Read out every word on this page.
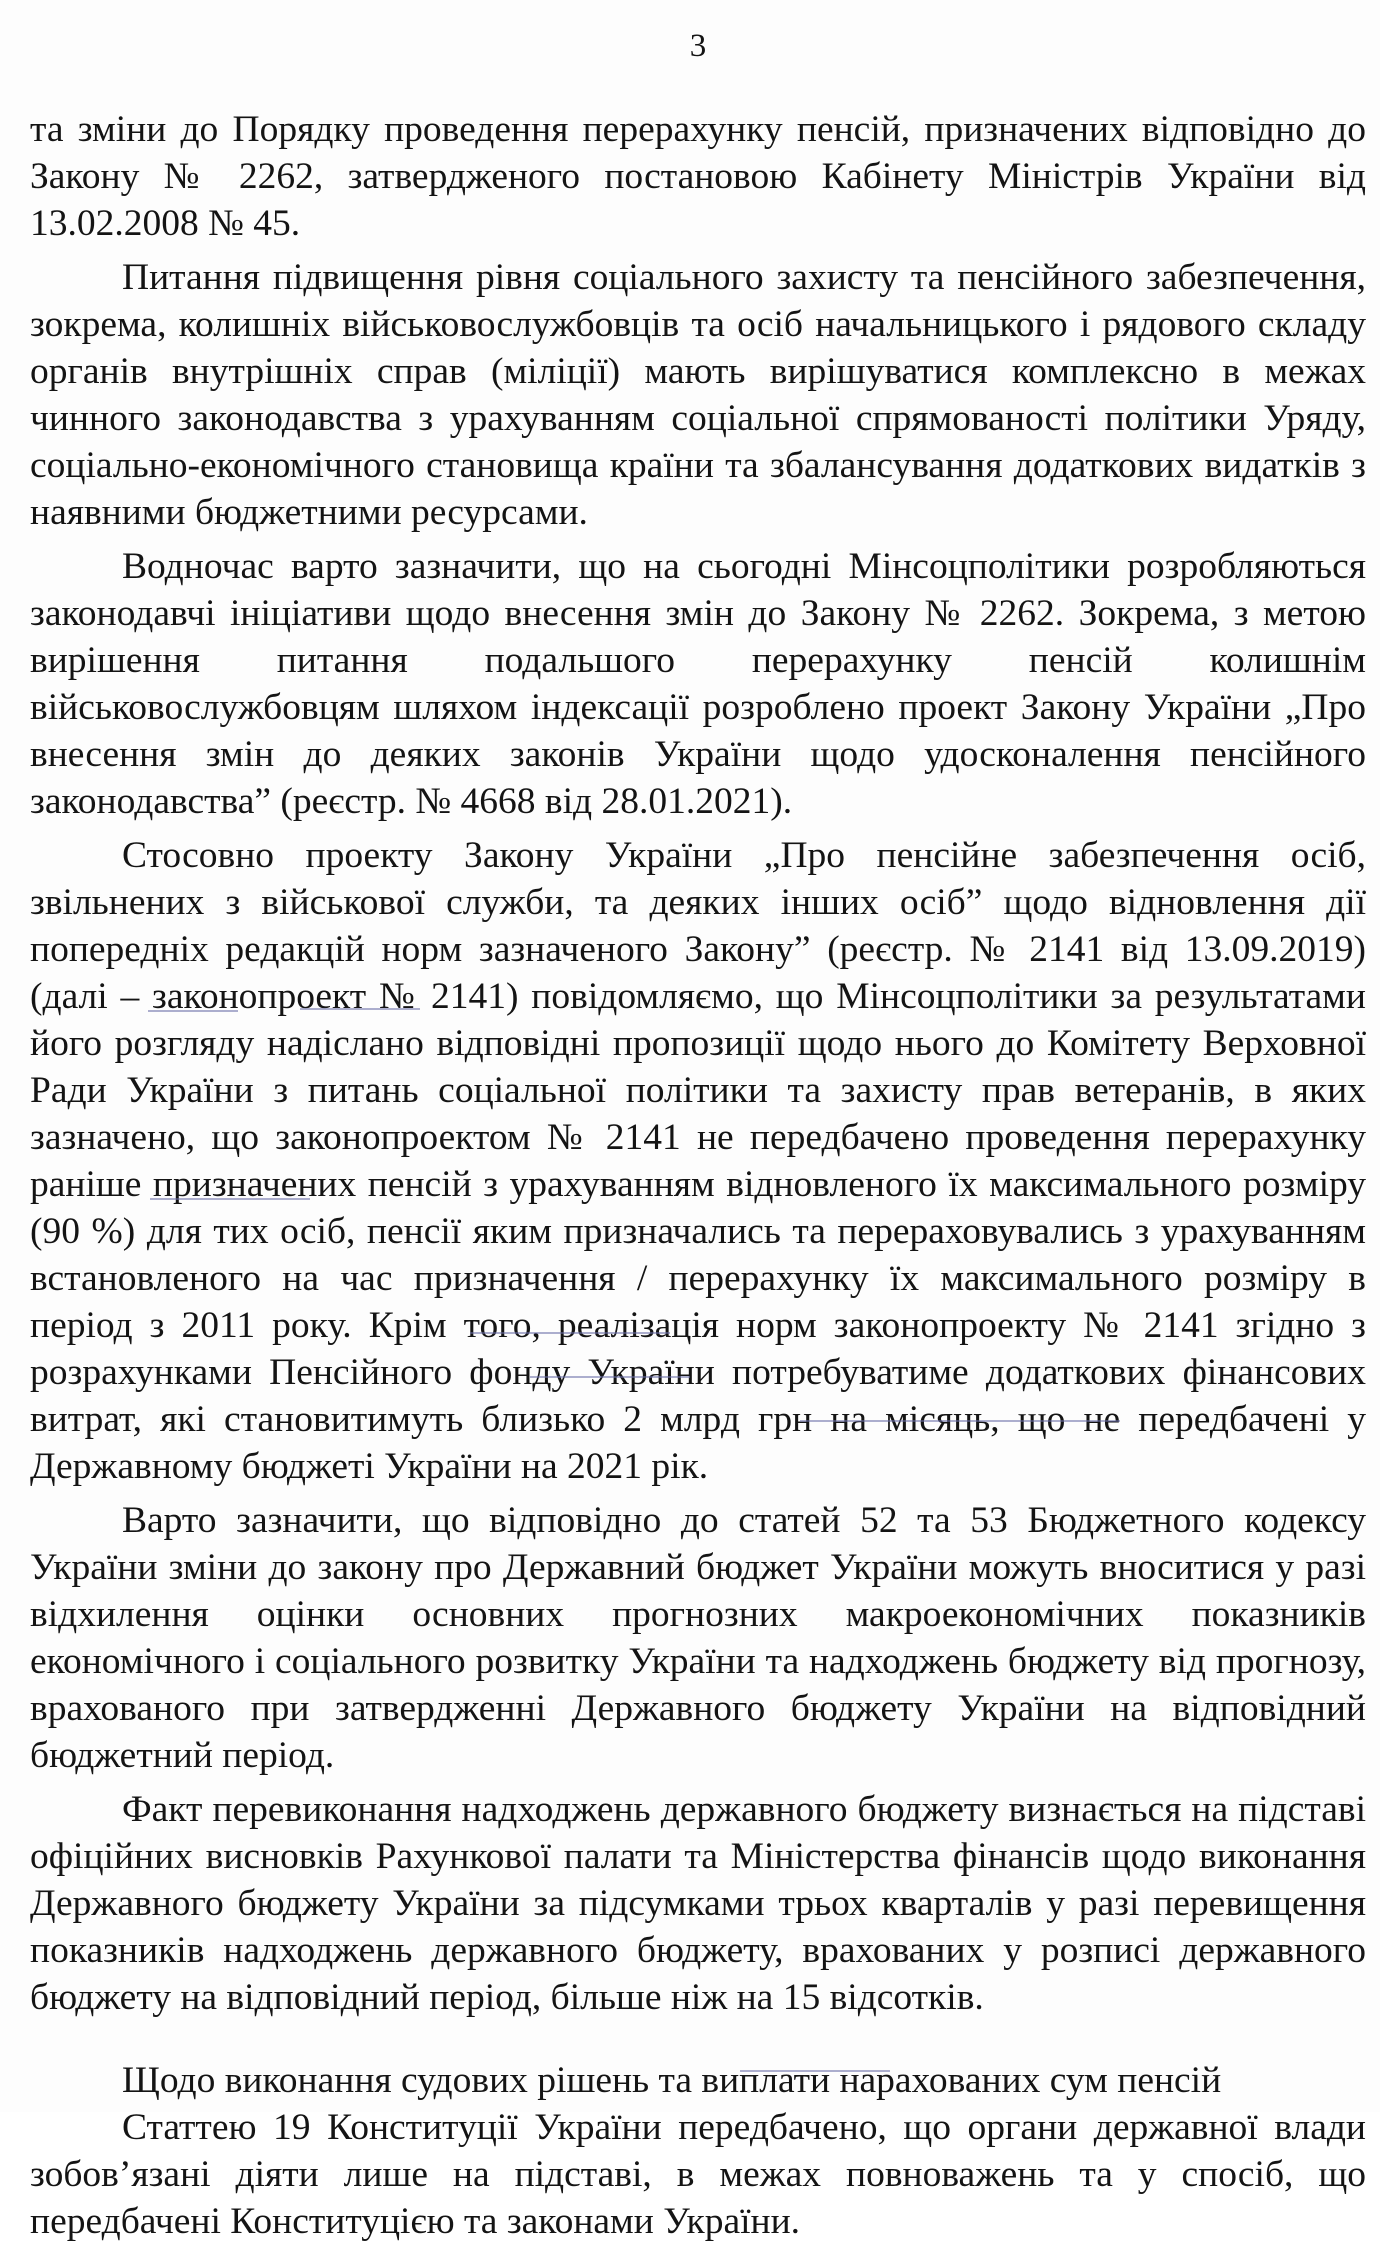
3

та зміни до Порядку проведення перерахунку пенсій, призначених відповідно до Закону № 2262, затвердженого постановою Кабінету Міністрів України від 13.02.2008 № 45.

Питання підвищення рівня соціального захисту та пенсійного забезпечення, зокрема, колишніх військовослужбовців та осіб начальницького і рядового складу органів внутрішніх справ (міліції) мають вирішуватися комплексно в межах чинного законодавства з урахуванням соціальної спрямованості політики Уряду, соціально-економічного становища країни та збалансування додаткових видатків з наявними бюджетними ресурсами.

Водночас варто зазначити, що на сьогодні Мінсоцполітики розробляються законодавчі ініціативи щодо внесення змін до Закону № 2262. Зокрема, з метою вирішення питання подальшого перерахунку пенсій колишнім військовослужбовцям шляхом індексації розроблено проект Закону України „Про внесення змін до деяких законів України щодо удосконалення пенсійного законодавства” (реєстр. № 4668 від 28.01.2021).

Стосовно проекту Закону України „Про пенсійне забезпечення осіб, звільнених з військової служби, та деяких інших осіб” щодо відновлення дії попередніх редакцій норм зазначеного Закону” (реєстр. № 2141 від 13.09.2019) (далі – законопроект № 2141) повідомляємо, що Мінсоцполітики за результатами його розгляду надіслано відповідні пропозиції щодо нього до Комітету Верховної Ради України з питань соціальної політики та захисту прав ветеранів, в яких зазначено, що законопроектом № 2141 не передбачено проведення перерахунку раніше призначених пенсій з урахуванням відновленого їх максимального розміру (90 %) для тих осіб, пенсії яким призначались та перераховувались з урахуванням встановленого на час призначення / перерахунку їх максимального розміру в період з 2011 року. Крім того, реалізація норм законопроекту № 2141 згідно з розрахунками Пенсійного фонду України потребуватиме додаткових фінансових витрат, які становитимуть близько 2 млрд грн на місяць, що не передбачені у Державному бюджеті України на 2021 рік.

Варто зазначити, що відповідно до статей 52 та 53 Бюджетного кодексу України зміни до закону про Державний бюджет України можуть вноситися у разі відхилення оцінки основних прогнозних макроекономічних показників економічного і соціального розвитку України та надходжень бюджету від прогнозу, врахованого при затвердженні Державного бюджету України на відповідний бюджетний період.

Факт перевиконання надходжень державного бюджету визнається на підставі офіційних висновків Рахункової палати та Міністерства фінансів щодо виконання Державного бюджету України за підсумками трьох кварталів у разі перевищення показників надходжень державного бюджету, врахованих у розписі державного бюджету на відповідний період, більше ніж на 15 відсотків.

Щодо виконання судових рішень та виплати нарахованих сум пенсій

Статтею 19 Конституції України передбачено, що органи державної влади зобов’язані діяти лише на підставі, в межах повноважень та у спосіб, що передбачені Конституцією та законами України.
